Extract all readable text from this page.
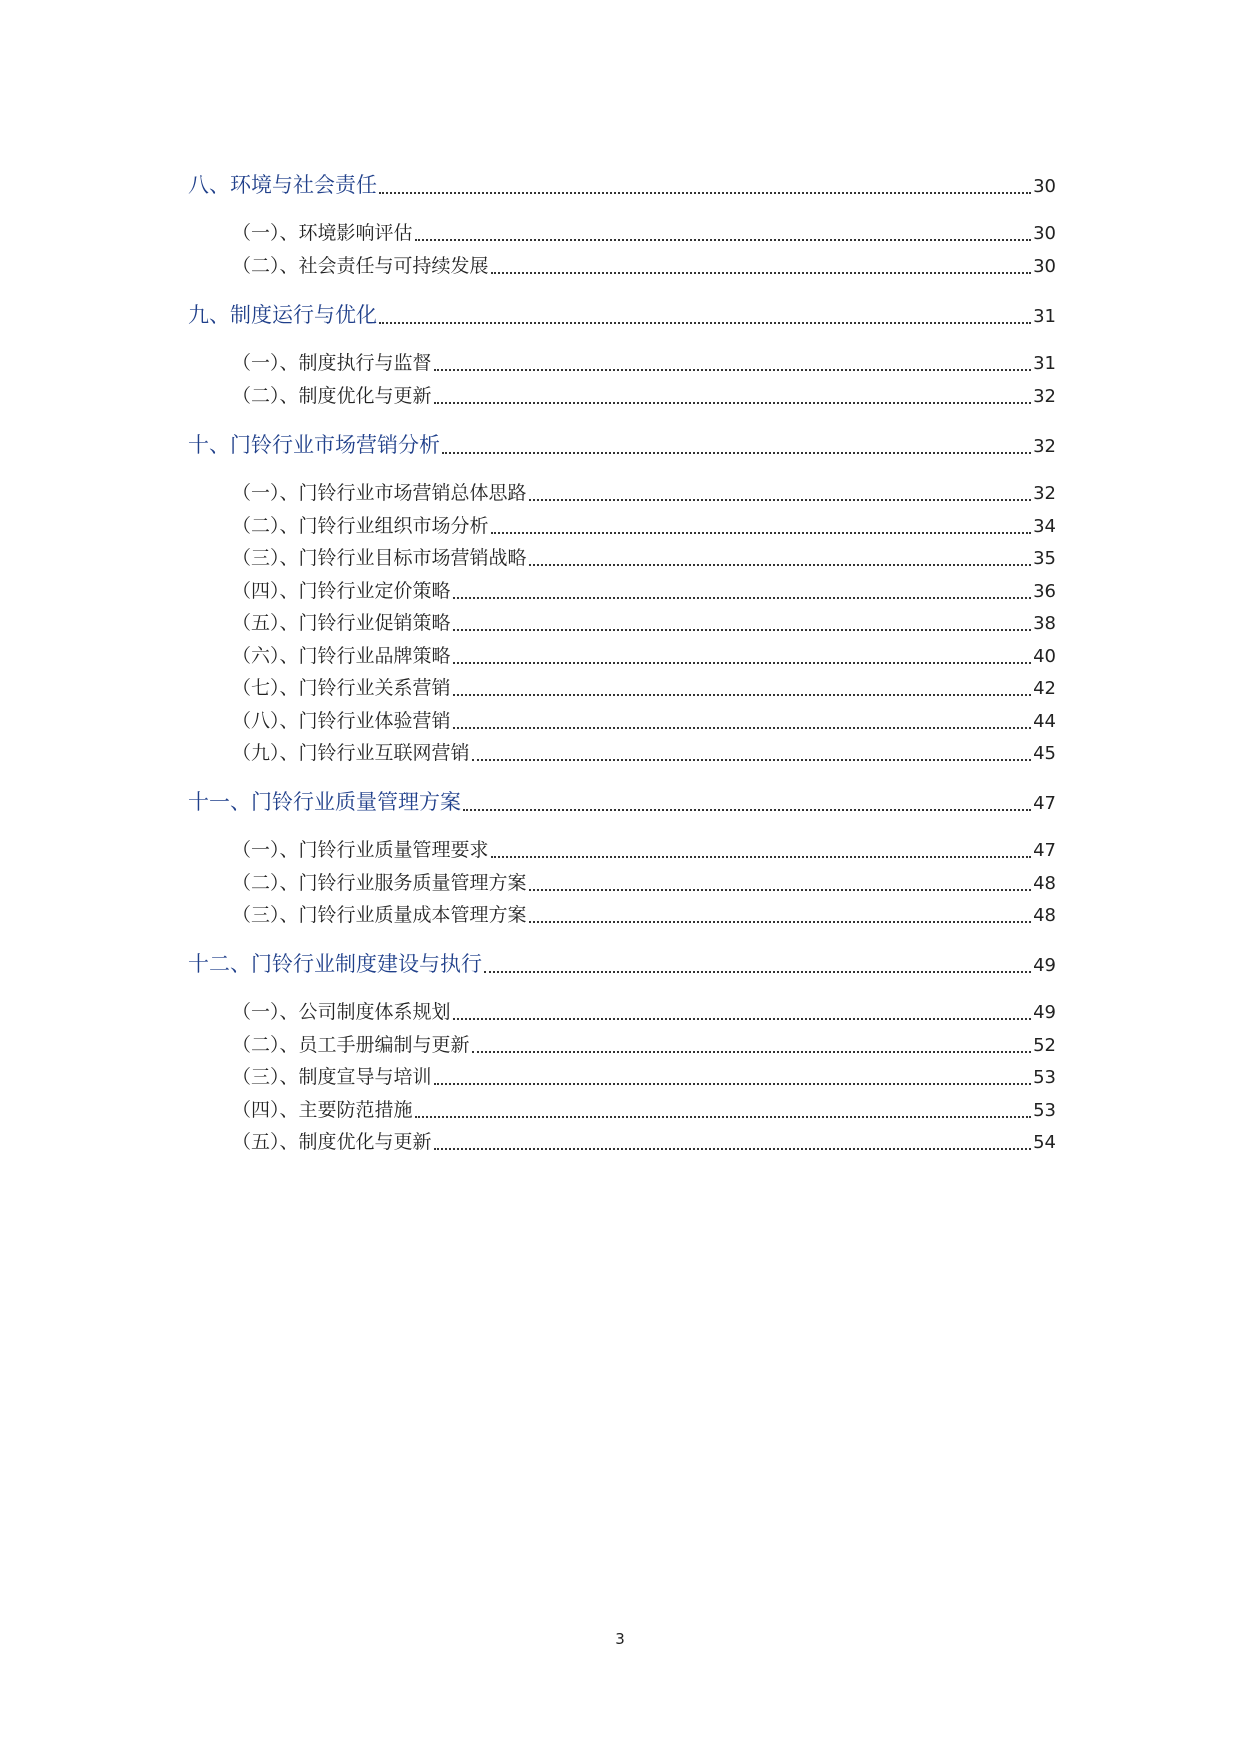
八、环境与社会责任	30
（一）、环境影响评估	30
（二）、社会责任与可持续发展	30
九、制度运行与优化	31
（一）、制度执行与监督	31
（二）、制度优化与更新	32
十、门铃行业市场营销分析	32
（一）、门铃行业市场营销总体思路	32
（二）、门铃行业组织市场分析	34
（三）、门铃行业目标市场营销战略	35
（四）、门铃行业定价策略	36
（五）、门铃行业促销策略	38
（六）、门铃行业品牌策略	40
（七）、门铃行业关系营销	42
（八）、门铃行业体验营销	44
（九）、门铃行业互联网营销	45
十一、门铃行业质量管理方案	47
（一）、门铃行业质量管理要求	47
（二）、门铃行业服务质量管理方案	48
（三）、门铃行业质量成本管理方案	48
十二、门铃行业制度建设与执行	49
（一）、公司制度体系规划	49
（二）、员工手册编制与更新	52
（三）、制度宣导与培训	53
（四）、主要防范措施	53
（五）、制度优化与更新	54
3
